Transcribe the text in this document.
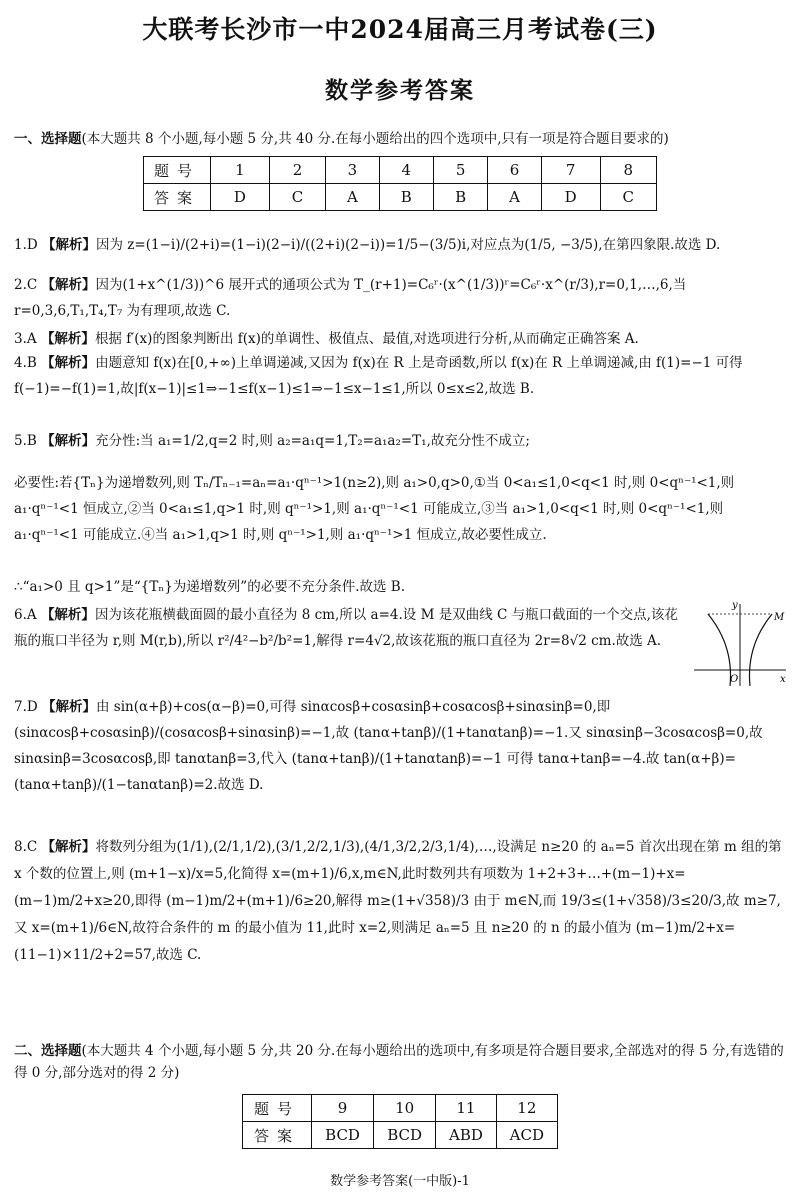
大联考长沙市一中2024届高三月考试卷(三)
数学参考答案
一、选择题(本大题共 8 个小题,每小题 5 分,共 40 分.在每小题给出的四个选项中,只有一项是符合题目要求的)
题号	1	2	3	4	5	6	7	8
答案	D	C	A	B	B	A	D	C
1.D 【解析】因为 z=(1−i)/(2+i)=(1−i)(2−i)/((2+i)(2−i))=1/5−(3/5)i,对应点为(1/5, −3/5),在第四象限.故选 D.
2.C 【解析】因为(1+x^(1/3))^6 展开式的通项公式为 T_(r+1)=C₆ʳ·(x^(1/3))ʳ=C₆ʳ·x^(r/3),r=0,1,…,6,当 r=0,3,6,T₁,T₄,T₇ 为有理项,故选 C.
3.A 【解析】根据 f′(x)的图象判断出 f(x)的单调性、极值点、最值,对选项进行分析,从而确定正确答案 A.
4.B 【解析】由题意知 f(x)在[0,+∞)上单调递减,又因为 f(x)在 R 上是奇函数,所以 f(x)在 R 上单调递减,由 f(1)=−1 可得 f(−1)=−f(1)=1,故|f(x−1)|≤1⇒−1≤f(x−1)≤1⇒−1≤x−1≤1,所以 0≤x≤2,故选 B.
5.B 【解析】充分性:当 a₁=1/2,q=2 时,则 a₂=a₁q=1,T₂=a₁a₂=T₁,故充分性不成立;
必要性:若{Tₙ}为递增数列,则 Tₙ/Tₙ₋₁=aₙ=a₁·qⁿ⁻¹>1(n≥2),则 a₁>0,q>0,①当 0<a₁≤1,0<q<1 时,则 0<qⁿ⁻¹<1,则 a₁·qⁿ⁻¹<1 恒成立,②当 0<a₁≤1,q>1 时,则 qⁿ⁻¹>1,则 a₁·qⁿ⁻¹<1 可能成立,③当 a₁>1,0<q<1 时,则 0<qⁿ⁻¹<1,则 a₁·qⁿ⁻¹<1 可能成立.④当 a₁>1,q>1 时,则 qⁿ⁻¹>1,则 a₁·qⁿ⁻¹>1 恒成立,故必要性成立.
∴“a₁>0 且 q>1”是“{Tₙ}为递增数列”的必要不充分条件.故选 B.
6.A 【解析】因为该花瓶横截面圆的最小直径为 8 cm,所以 a=4.设 M 是双曲线 C 与瓶口截面的一个交点,该花瓶的瓶口半径为 r,则 M(r,b),所以 r²/4²−b²/b²=1,解得 r=4√2,故该花瓶的瓶口直径为 2r=8√2 cm.故选 A.
y
x
O
M
7.D 【解析】由 sin(α+β)+cos(α−β)=0,可得 sinαcosβ+cosαsinβ+cosαcosβ+sinαsinβ=0,即 (sinαcosβ+cosαsinβ)/(cosαcosβ+sinαsinβ)=−1,故 (tanα+tanβ)/(1+tanαtanβ)=−1.又 sinαsinβ−3cosαcosβ=0,故 sinαsinβ=3cosαcosβ,即 tanαtanβ=3,代入 (tanα+tanβ)/(1+tanαtanβ)=−1 可得 tanα+tanβ=−4.故 tan(α+β)=(tanα+tanβ)/(1−tanαtanβ)=2.故选 D.
8.C 【解析】将数列分组为(1/1),(2/1,1/2),(3/1,2/2,1/3),(4/1,3/2,2/3,1/4),…,设满足 n≥20 的 aₙ=5 首次出现在第 m 组的第 x 个数的位置上,则 (m+1−x)/x=5,化简得 x=(m+1)/6,x,m∈N,此时数列共有项数为 1+2+3+…+(m−1)+x=(m−1)m/2+x≥20,即得 (m−1)m/2+(m+1)/6≥20,解得 m≥(1+√358)/3 由于 m∈N,而 19/3≤(1+√358)/3≤20/3,故 m≥7,又 x=(m+1)/6∈N,故符合条件的 m 的最小值为 11,此时 x=2,则满足 aₙ=5 且 n≥20 的 n 的最小值为 (m−1)m/2+x=(11−1)×11/2+2=57,故选 C.
二、选择题(本大题共 4 个小题,每小题 5 分,共 20 分.在每小题给出的选项中,有多项是符合题目要求,全部选对的得 5 分,有选错的得 0 分,部分选对的得 2 分)
题号	9	10	11	12
答案	BCD	BCD	ABD	ACD
数学参考答案(一中版)-1
